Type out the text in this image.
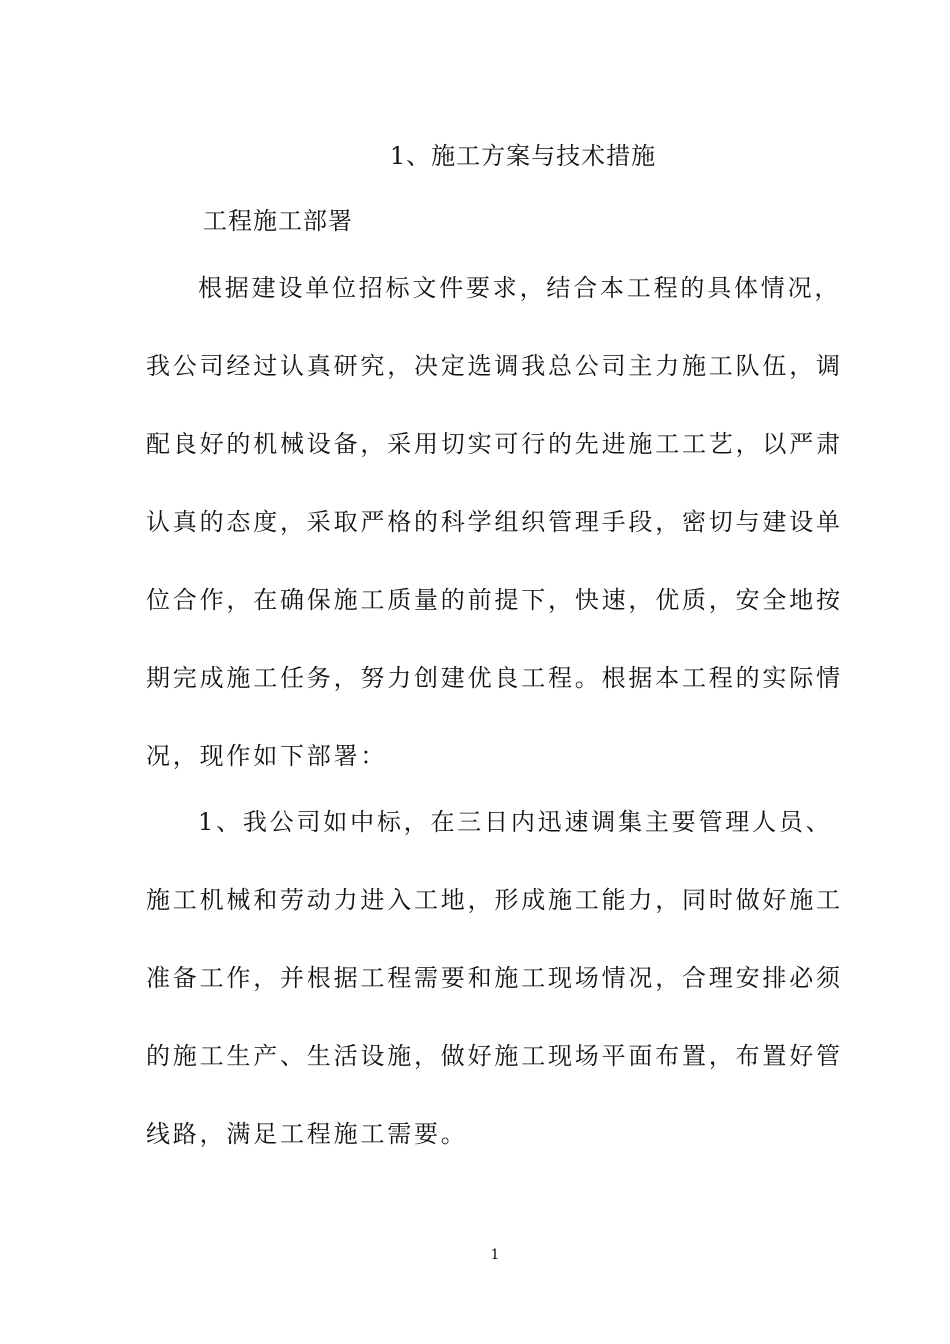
1、施工方案与技术措施
工程施工部署

根据建设单位招标文件要求，结合本工程的具体情况，我公司经过认真研究，决定选调我总公司主力施工队伍，调配良好的机械设备，采用切实可行的先进施工工艺，以严肃认真的态度，采取严格的科学组织管理手段，密切与建设单位合作，在确保施工质量的前提下，快速，优质，安全地按期完成施工任务，努力创建优良工程。根据本工程的实际情况，现作如下部署：

1、我公司如中标，在三日内迅速调集主要管理人员、施工机械和劳动力进入工地，形成施工能力，同时做好施工准备工作，并根据工程需要和施工现场情况，合理安排必须的施工生产、生活设施，做好施工现场平面布置，布置好管线路，满足工程施工需要。

1
